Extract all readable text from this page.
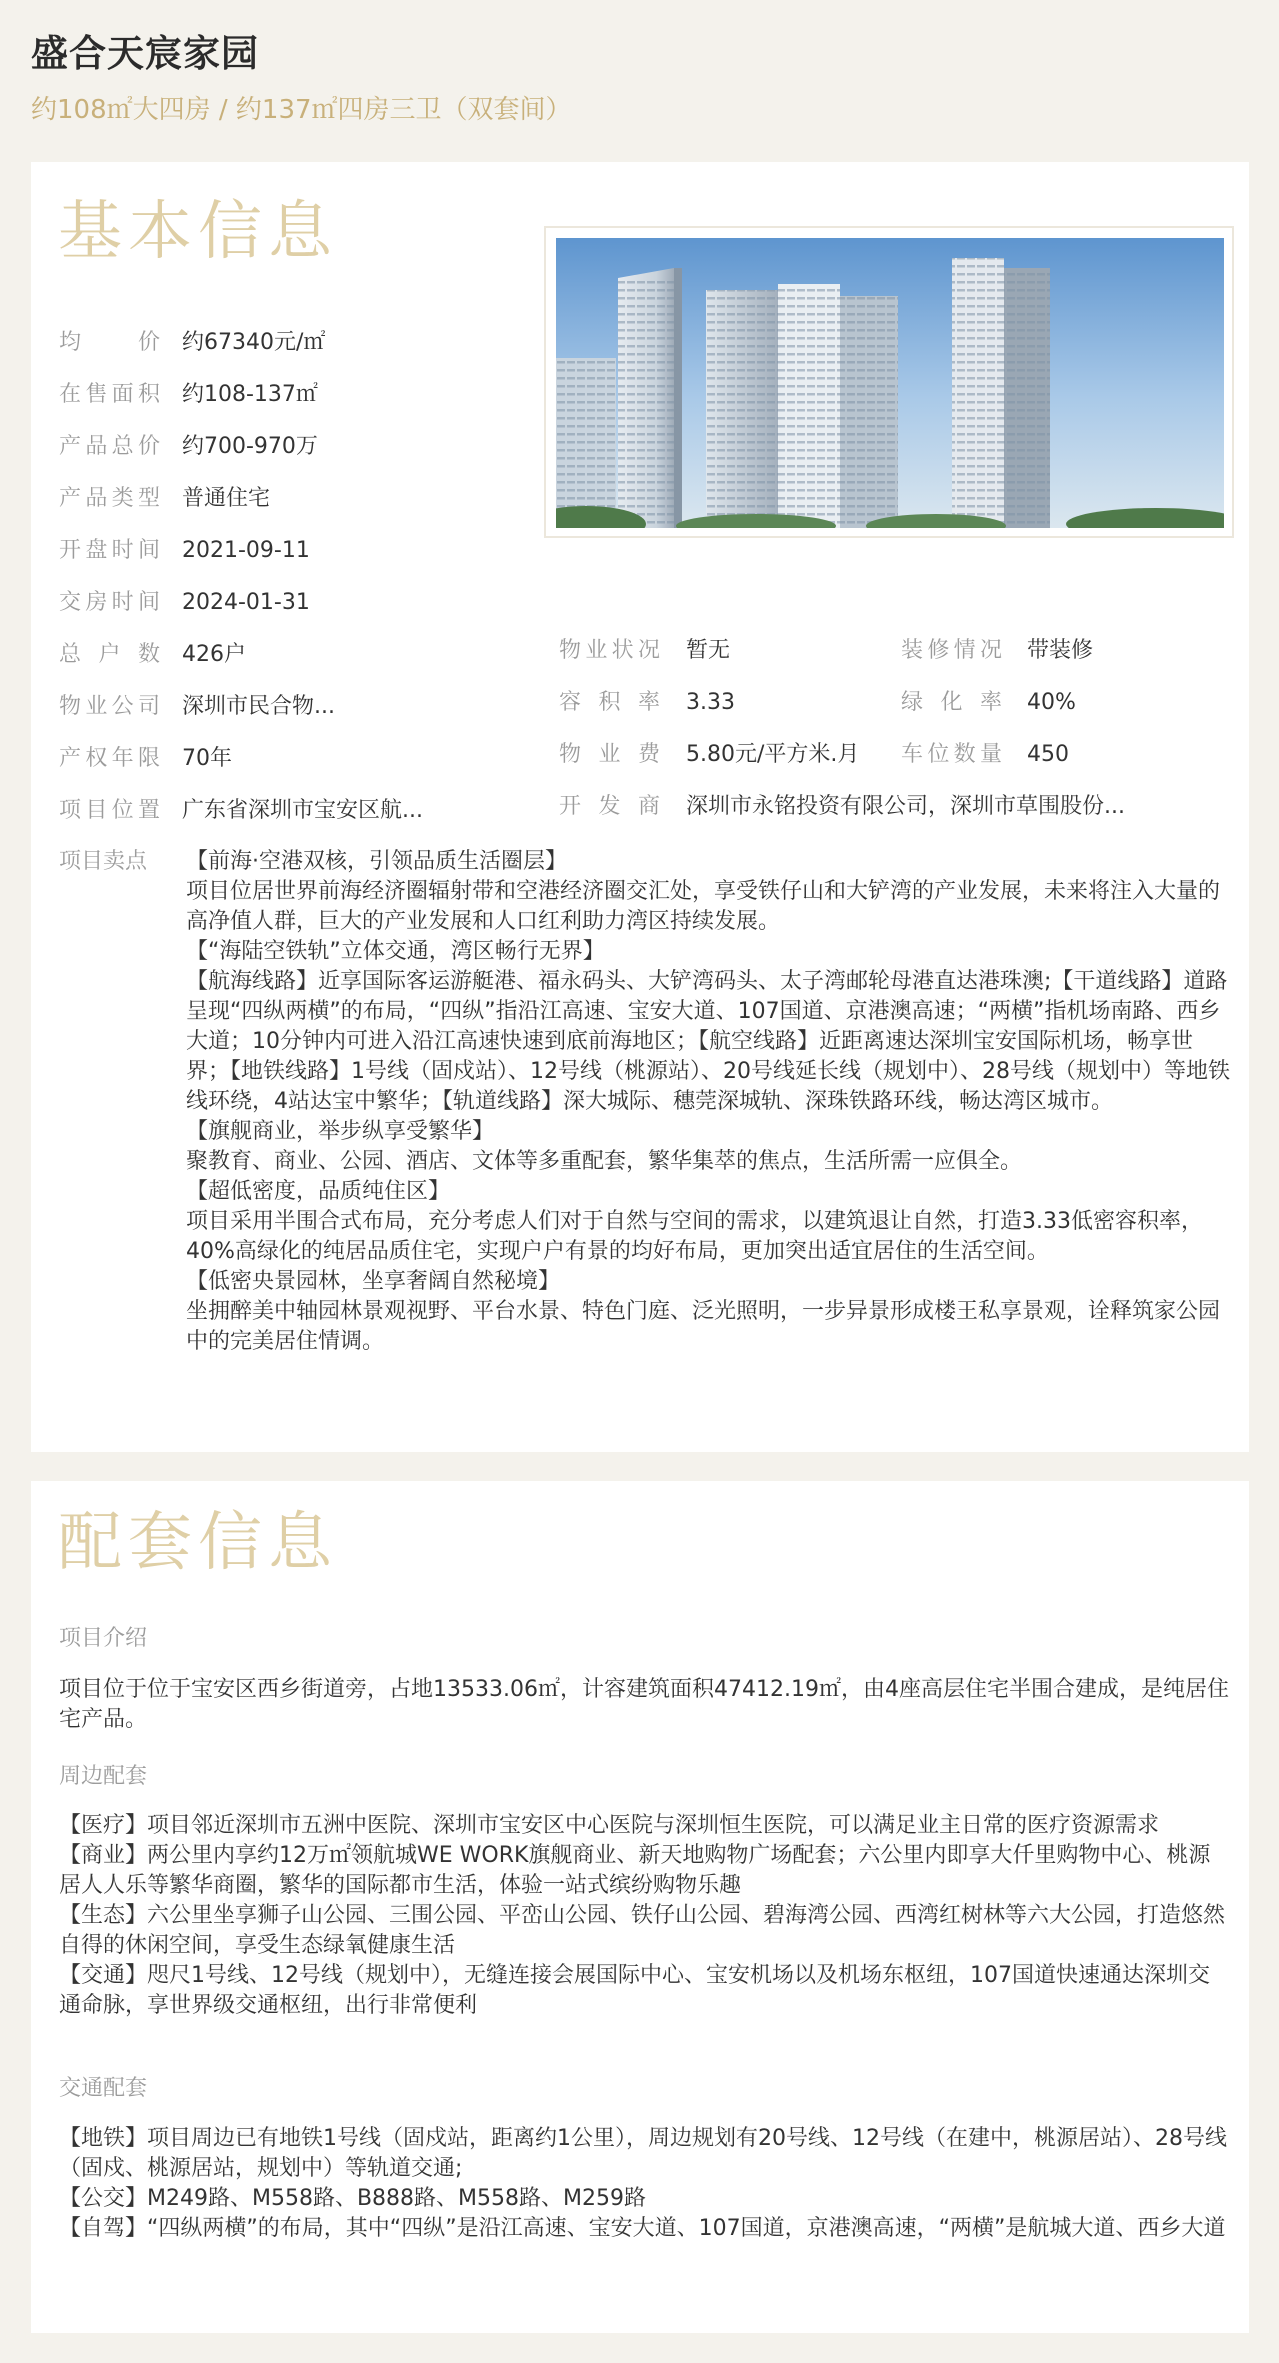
盛合天宸家园
约108㎡大四房 / 约137㎡四房三卫（双套间）
基本信息
均　　价 约67340元/㎡
在售面积 约108-137㎡
产品总价 约700-970万
产品类型 普通住宅
开盘时间 2021-09-11
交房时间 2024-01-31
总 户 数 426户
物业公司 深圳市民合物...
产权年限 70年
项目位置 广东省深圳市宝安区航...
物业状况 暂无
容 积 率 3.33
物 业 费 5.80元/平方米.月
开 发 商 深圳市永铭投资有限公司，深圳市草围股份...
装修情况 带装修
绿 化 率 40%
车位数量 450
项目卖点 【前海·空港双核，引领品质生活圈层】

项目位居世界前海经济圈辐射带和空港经济圈交汇处，享受铁仔山和大铲湾的产业发展，未来将注入大量的高净值人群，巨大的产业发展和人口红利助力湾区持续发展。

【“海陆空铁轨”立体交通，湾区畅行无界】

【航海线路】近享国际客运游艇港、福永码头、大铲湾码头、太子湾邮轮母港直达港珠澳;【干道线路】道路呈现“四纵两横”的布局，“四纵”指沿江高速、宝安大道、107国道、京港澳高速；“两横”指机场南路、西乡大道；10分钟内可进入沿江高速快速到底前海地区；【航空线路】近距离速达深圳宝安国际机场，畅享世界；【地铁线路】1号线（固戍站）、12号线（桃源站）、20号线延长线（规划中）、28号线（规划中）等地铁线环绕，4站达宝中繁华；【轨道线路】深大城际、穗莞深城轨、深珠铁路环线，畅达湾区城市。

【旗舰商业，举步纵享受繁华】

聚教育、商业、公园、酒店、文体等多重配套，繁华集萃的焦点，生活所需一应俱全。

【超低密度，品质纯住区】

项目采用半围合式布局，充分考虑人们对于自然与空间的需求，以建筑退让自然，打造3.33低密容积率，40%高绿化的纯居品质住宅，实现户户有景的均好布局，更加突出适宜居住的生活空间。

【低密央景园林，坐享奢阔自然秘境】

坐拥醉美中轴园林景观视野、平台水景、特色门庭、泛光照明，一步异景形成楼王私享景观，诠释筑家公园中的完美居住情调。

配套信息
项目介绍

项目位于位于宝安区西乡街道旁，占地13533.06㎡，计容建筑面积47412.19㎡，由4座高层住宅半围合建成，是纯居住宅产品。

周边配套

【医疗】项目邻近深圳市五洲中医院、深圳市宝安区中心医院与深圳恒生医院，可以满足业主日常的医疗资源需求

【商业】两公里内享约12万㎡领航城WE WORK旗舰商业、新天地购物广场配套；六公里内即享大仟里购物中心、桃源居人人乐等繁华商圈，繁华的国际都市生活，体验一站式缤纷购物乐趣

【生态】六公里坐享狮子山公园、三围公园、平峦山公园、铁仔山公园、碧海湾公园、西湾红树林等六大公园，打造悠然自得的休闲空间，享受生态绿氧健康生活

【交通】咫尺1号线、12号线（规划中），无缝连接会展国际中心、宝安机场以及机场东枢纽，107国道快速通达深圳交通命脉，享世界级交通枢纽，出行非常便利

交通配套

【地铁】项目周边已有地铁1号线（固戍站，距离约1公里），周边规划有20号线、12号线（在建中，桃源居站）、28号线（固戍、桃源居站，规划中）等轨道交通;

【公交】M249路、M558路、B888路、M558路、M259路

【自驾】“四纵两横”的布局，其中“四纵”是沿江高速、宝安大道、107国道，京港澳高速，“两横”是航城大道、西乡大道
